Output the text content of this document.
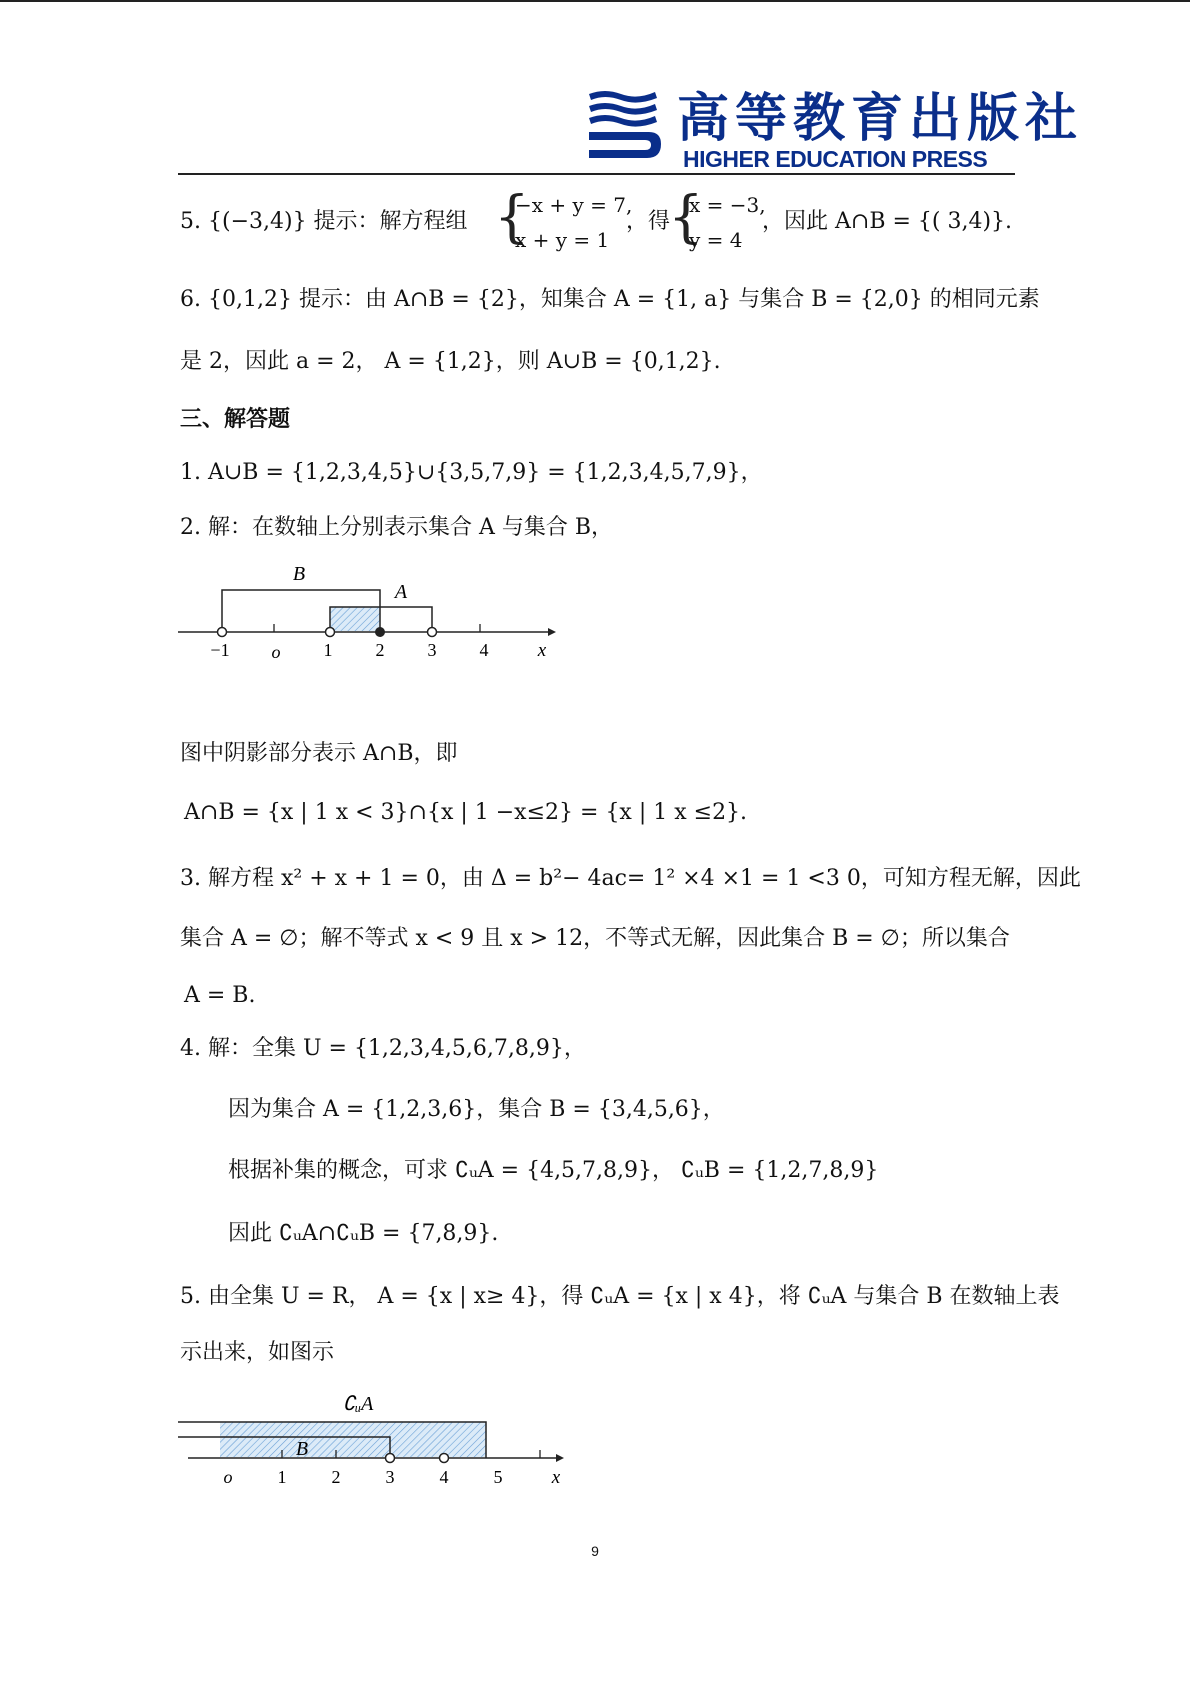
高等教育出版社
HIGHER EDUCATION PRESS
5. {(−3,4)} 提示：解方程组 {
−x + y = 7,
x + y = 1
，得
{
x = −3,
y = 4
，因此 A∩B = {( 3,4)}.
6. {0,1,2} 提示：由 A∩B = {2}，知集合 A = {1, a} 与集合 B = {2,0} 的相同元素
是 2，因此 a = 2， A = {1,2}，则 A∪B = {0,1,2}.
三、解答题
1. A∪B = {1,2,3,4,5}∪{3,5,7,9} = {1,2,3,4,5,7,9}，
2. 解：在数轴上分别表示集合 A 与集合 B，
B
A
−1 o 1 2 3 4	x
图中阴影部分表示 A∩B，即
A∩B = {x | 1 x < 3}∩{x | 1 −x≤2} = {x | 1 x ≤2}.
3. 解方程 x² + x + 1 = 0，由 Δ = b²− 4ac= 1² ×4 ×1 = 1 <3 0，可知方程无解，因此
集合 A = ∅；解不等式 x < 9 且 x > 12，不等式无解，因此集合 B = ∅；所以集合
A = B.
4. 解：全集 U = {1,2,3,4,5,6,7,8,9}，
因为集合 A = {1,2,3,6}，集合 B = {3,4,5,6}，
根据补集的概念，可求 ∁ᵤA = {4,5,7,8,9}， ∁ᵤB = {1,2,7,8,9}
因此 ∁ᵤA∩∁ᵤB = {7,8,9}.
5. 由全集 U = R， A = {x | x≥ 4}，得 ∁ᵤA = {x | x 4}，将 ∁ᵤA 与集合 B 在数轴上表
示出来，如图示
∁ᵤA
B
o	1	2	3	4	5	x
9
